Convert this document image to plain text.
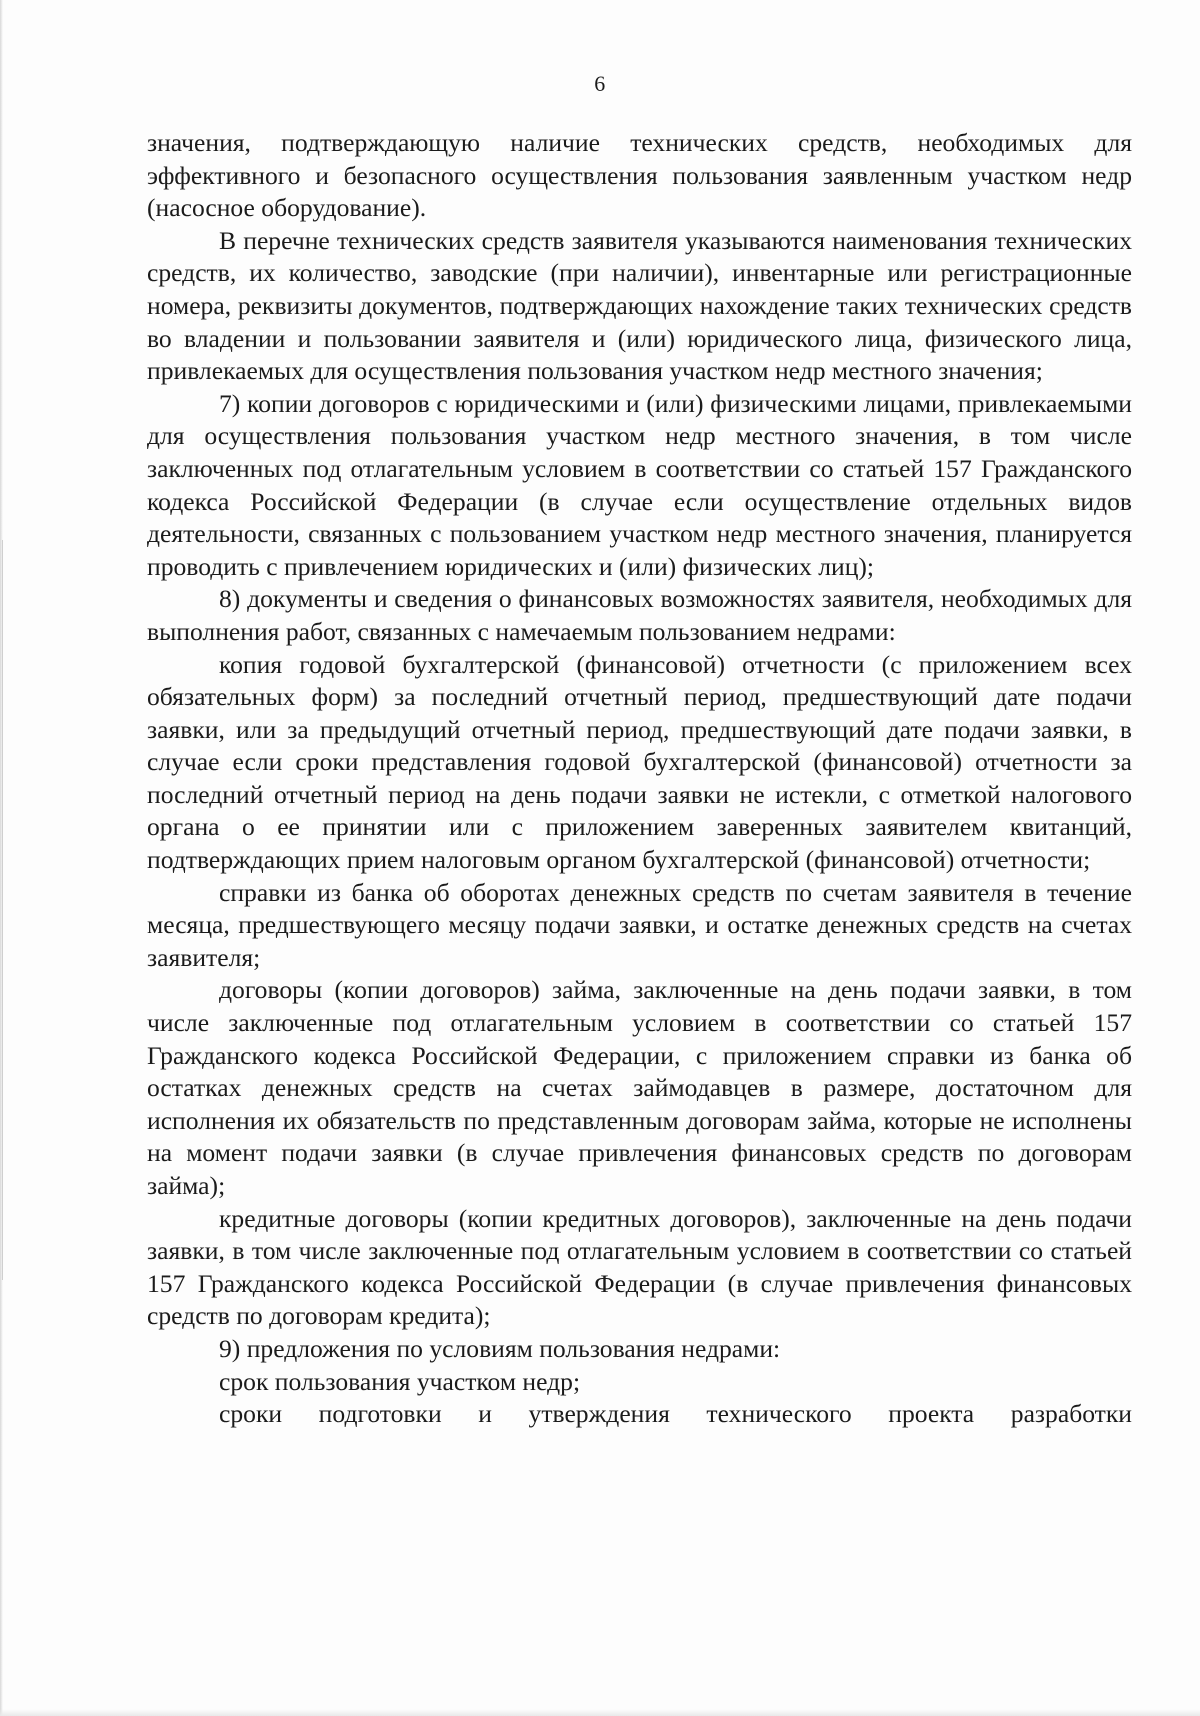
6

значения, подтверждающую наличие технических средств, необходимых для эффективного и безопасного осуществления пользования заявленным участком недр (насосное оборудование).

В перечне технических средств заявителя указываются наименования технических средств, их количество, заводские (при наличии), инвентарные или регистрационные номера, реквизиты документов, подтверждающих нахождение таких технических средств во владении и пользовании заявителя и (или) юридического лица, физического лица, привлекаемых для осуществления пользования участком недр местного значения;

7) копии договоров с юридическими и (или) физическими лицами, привлекаемыми для осуществления пользования участком недр местного значения, в том числе заключенных под отлагательным условием в соответствии со статьей 157 Гражданского кодекса Российской Федерации (в случае если осуществление отдельных видов деятельности, связанных с пользованием участком недр местного значения, планируется проводить с привлечением юридических и (или) физических лиц);

8) документы и сведения о финансовых возможностях заявителя, необходимых для выполнения работ, связанных с намечаемым пользованием недрами:

копия годовой бухгалтерской (финансовой) отчетности (с приложением всех обязательных форм) за последний отчетный период, предшествующий дате подачи заявки, или за предыдущий отчетный период, предшествующий дате подачи заявки, в случае если сроки представления годовой бухгалтерской (финансовой) отчетности за последний отчетный период на день подачи заявки не истекли, с отметкой налогового органа о ее принятии или с приложением заверенных заявителем квитанций, подтверждающих прием налоговым органом бухгалтерской (финансовой) отчетности;

справки из банка об оборотах денежных средств по счетам заявителя в течение месяца, предшествующего месяцу подачи заявки, и остатке денежных средств на счетах заявителя;

договоры (копии договоров) займа, заключенные на день подачи заявки, в том числе заключенные под отлагательным условием в соответствии со статьей 157 Гражданского кодекса Российской Федерации, с приложением справки из банка об остатках денежных средств на счетах займодавцев в размере, достаточном для исполнения их обязательств по представленным договорам займа, которые не исполнены на момент подачи заявки (в случае привлечения финансовых средств по договорам займа);

кредитные договоры (копии кредитных договоров), заключенные на день подачи заявки, в том числе заключенные под отлагательным условием в соответствии со статьей 157 Гражданского кодекса Российской Федерации (в случае привлечения финансовых средств по договорам кредита);

9) предложения по условиям пользования недрами:

срок пользования участком недр;

сроки подготовки и утверждения технического проекта разработки
